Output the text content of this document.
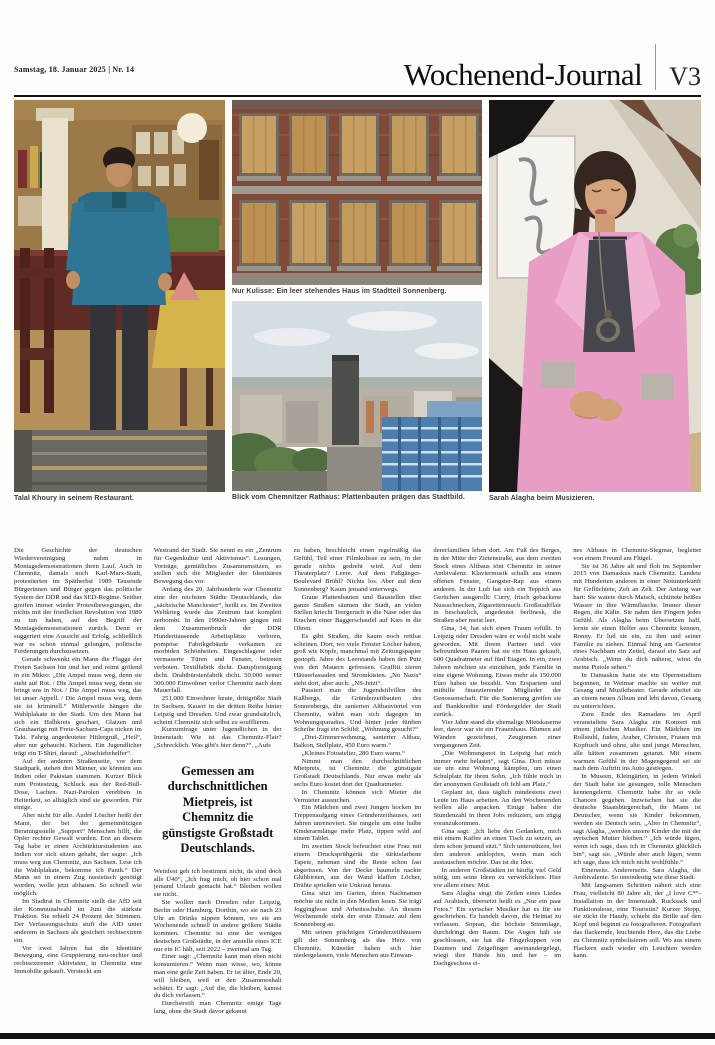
Samstag, 18. Januar 2025 | Nr. 14	Wochenend-Journal V3
Talal Khoury in seinem Restaurant.
Nur Kulisse: Ein leer stehendes Haus im Stadtteil Sonnenberg.
Blick vom Chemnitzer Rathaus: Plattenbauten prägen das Stadtbild.	Sarah Alagha beim Musizieren.

Die Geschichte der deutschen Wiedervereinigung nahm in Montagsdemonstrationen ihren Lauf. Auch in Chemnitz, damals noch Karl-Marx-Stadt, protestierten im Spätherbst 1989 Tausende Bürgerinnen und Bürger gegen das politische System der DDR und das SED-Regime. Seither greifen immer wieder Protestbewegungen, die nichts mit der friedlichen Revolution von 1989 zu tun haben, auf den Begriff der Montagsdemonstrationen zurück. Denn er suggeriert eine Aussicht auf Erfolg, schließlich war es schon einmal gelungen, politische Forderungen durchzusetzen.

Gerade schwenkt ein Mann die Flagge der Freien Sachsen hin und her und reimt grölend in ein Mikro: „Die Ampel muss weg, denn sie steht auf Rot. / Die Ampel muss weg, denn sie bringt uns in Not. / Die Ampel muss weg, das ist unser Appell. / Die Ampel muss weg, denn sie ist kriminell.“ Mittlerweile hängen die Wahlplakate in der Stadt. Um den Mann hat sich ein Halbkreis geschart, Glatzen und Grauhaarige mit Freie-Sachsen-Caps nicken im Takt. Fahrig angedeuteter Hitlergruß, „Heil“, aber nur gehaucht. Kichern. Ein Jugendlicher trägt ein T-Shirt, darauf: „Abschiebehelfer“.

Auf der anderen Straßenseite, vor dem Stadtpark, stehen drei Männer, sie könnten aus Indien oder Pakistan stammen. Kurzer Blick zum Protestzug, Schluck aus der Red-Bull-Dose, Lachen. Nazi-Parolen verebben in Heiterkeit, so alltäglich sind sie geworden. Für einige.

Aber nicht für alle. André Löscher heißt der Mann, der bei der gemeinnützigen Beratungsstelle „Support“ Menschen hilft, die Opfer rechter Gewalt wurden. Erst an diesem Tag habe er einen Architekturstudenten aus Indien vor sich sitzen gehabt, der sagte: „Ich muss weg aus Chemnitz, aus Sachsen. Lese ich die Wahlplakate, bekomme ich Panik.“ Der Mann sei in einem Zug rassistisch genötigt worden, wolle jetzt abhauen. So schnell wie möglich.

Im Stadtrat in Chemnitz stellt die AfD seit der Kommunalwahl im Juni die stärkste Fraktion. Sie erhielt 24 Prozent der Stimmen. Der Verfassungsschutz stuft die AfD unter anderem in Sachsen als gesichert rechtsextrem ein.

Vor zwei Jahren hat die Identitäre Bewegung, eine Gruppierung neu-rechter und rechtsextremer Aktivisten, in Chemnitz eine Immobilie gekauft. Versteckt am

Westrand der Stadt. Sie nennt es ein „Zentrum für Gegenkultur und Aktivismus“. Lesungen, Vorträge, gemütliches Zusammensitzen, so stellen sich die Mitglieder der Identitären Bewegung das vor.

Anfang des 20. Jahrhunderts war Chemnitz eine der reichsten Städte Deutschlands, das „sächsische Manchester“, heißt es. Im Zweiten Weltkrieg wurde das Zentrum fast komplett zerbombt. In den 1990er-Jahren gingen mit dem Zusammenbruch der DDR Hunderttausende Arbeitsplätze verloren, pompöse Fabrikgebäude verkamen zu morbiden Schönheiten. Eingeschlagene oder vermauerte Türen und Fenster, betreten verboten. Textilfabrik dicht. Dampfreinigung dicht. Drahtbürstenfabrik dicht. 50.000 seiner 300.000 Einwohner verlor Chemnitz nach dem Mauerfall.

251.000 Einwohner heute, drittgrößte Stadt in Sachsen. Kauert in der dritten Reihe hinter Leipzig und Dresden. Und zwar grundsätzlich, scheint Chemnitz sich selbst zu soufflieren.

Kurzumfrage unter Jugendlichen in der Innenstadt: Wie ist das Chemnitz-Flair? „Schrecklich. Was gibt's hier denn?“, „Aufs

Gemessen am durchschnittlichen Mietpreis, ist Chemnitz die günstigste Großstadt Deutschlands.

Weinfest geh ich bestimmt nicht, da sind doch alle Ü40“, „Ich frag mich, ob hier schon mal jemand Urlaub gemacht hat.“ Bleiben wollen sie nicht.

Sie wollen nach Dresden oder Leipzig, Berlin oder Hamburg. Dorthin, wo sie nach 23 Uhr an Drinks nippen können, wo sie am Wochenende schnell in andere größere Städte kommen. Chemnitz ist eine der wenigen deutschen Großstädte, in der anstelle eines ICE nur ein IC hält, seit 2022 – zweimal am Tag.

Einer sagt: „Chemnitz kann man eben nicht konsumieren.“ Wenn man wisse, wo, könne man eine geile Zeit haben. Er ist älter, Ende 20, will bleiben, weil er den Zusammenhalt schätzt. Er sagt: „Auf die, die bleiben, kannst du dich verlassen.“

Durchstreift man Chemnitz einige Tage lang, ohne die Stadt davor gekannt

zu haben, beschleicht einen regelmäßig das Gefühl, Teil einer Filmkulisse zu sein, in der gerade nichts gedreht wird. Auf dem Theaterplatz? Leere. Auf dem Fußgänger-Boulevard Brühl? Nichts los. Aber auf dem Sonnenberg? Kaum jemand unterwegs.

Graue Plattenbauten und Baustellen über ganze Straßen säumen die Stadt, an vielen Stellen kriecht Teergeruch in die Nase oder das Krachen einer Baggerschaufel auf Kies in die Ohren.

Es gibt Straßen, die kaum noch rettbar scheinen. Dort, wo viele Fenster Löcher haben, groß wie Köpfe, manchmal mit Zeitungspapier gestopft. Jahre des Leerstands haben den Putz von den Mauern gefressen. Graffiti zieren Häuserfassaden und Stromkästen. „No Nazis“ steht dort, aber auch: „NS-Jetzt“.

Passiert man die Jugendstilvillen des Kaßbergs, die Gründerzeitbauten des Sonnenbergs, die sanierten Altbauviertel von Chemnitz, wähnt man sich dagegen im Wohnungsparadies. Und hinter jeder fünften Scheibe fragt ein Schild: „Wohnung gesucht?“

„Drei-Zimmerwohnung, sanierter Altbau, Balkon, Stellplatz, 450 Euro warm.“

„Kleines Fotoatelier, 280 Euro warm.“

Nimmt man den durchschnittlichen Mietpreis, ist Chemnitz die günstigste Großstadt Deutschlands. Nur etwas mehr als sechs Euro kostet dort der Quadratmeter.

In Chemnitz können sich Mieter die Vermieter aussuchen.

Ein Mädchen und zwei Jungen hocken im Treppenaufgang eines Gründerzeithauses, seit Jahren unrenoviert. Sie rangeln um eine halbe Kinderarmlänge mehr Platz, tippen wild auf einem Tablet.

Im zweiten Stock befeuchtet eine Frau mit einem Drucksprühgerät die türkisfarbene Tapete, nebenan sind die Reste schon fast abgerissen. Von der Decke baumeln nackte Glühbirnen, aus der Wand klaffen Löcher, Drähte sprießen wie Unkraut heraus.

Gina sitzt im Garten, ihren Nachnamen möchte sie nicht in den Medien lesen. Sie trägt Jogginghose und Arbeitsschuhe. An diesem Wochenende steht der erste Einsatz auf dem Sonnenberg an.

Mit seinen prächtigen Gründerzeithäusern gilt der Sonnenberg als das Herz von Chemnitz. Künstler haben sich hier niedergelassen, viele Menschen aus Einwan-

dererfamilien leben dort. Am Fuß des Berges, in der Mitte der Zietenstraße, aus dem zweiten Stock eines Altbaus tönt Chemnitz in seiner Ambivalenz. Klaviermusik schallt aus einem offenen Fenster, Gangster-Rap aus einem anderen. In der Luft hat sich ein Teppich aus Gerüchen ausgerollt: Curry, frisch gebackene Nussschnecken, Zigarettenrauch. Großstadtflair in beschaulich, angedeutet berlinesk, die Straßen aber meist leer.

Gina, 34, hat sich einen Traum erfüllt. In Leipzig oder Dresden wäre er wohl nicht wahr geworden. Mit ihrem Partner und vier befreundeten Paaren hat sie ein Haus gekauft, 600 Quadratmeter auf fünf Etagen. In ein, zwei Jahren möchten sie einziehen, jede Familie in eine eigene Wohnung. Etwas mehr als 150.000 Euro haben sie bezahlt. Von Erspartem und mithilfe finanzierender Mitglieder der Genossenschaft. Für die Sanierung greifen sie auf Bankkredite und Fördergelder der Stadt zurück.

Vier Jahre stand die ehemalige Mietskaserne leer, davor war sie ein Frauenhaus. Blumen auf Wänden gezeichnet, Zeuginnen einer vergangenen Zeit.

„Die Wohnungsnot in Leipzig hat mich immer mehr belastet“, sagt Gina. Dort müsse sie um eine Wohnung kämpfen, um einen Schulplatz für ihren Sohn. „Ich fühle mich in der anonymen Großstadt oft fehl am Platz.“

Geplant ist, dass täglich mindestens zwei Leute im Haus arbeiten. An den Wochenenden wollen alle anpacken. Einige haben die Stundenzahl in ihren Jobs reduziert, um zügig voranzukommen.

Gina sagt: „Ich liebe den Gedanken, mich mit einem Kaffee an einen Tisch zu setzen, an dem schon jemand sitzt.“ Sich unterstützen, bei den anderen anklopfen, wenn man sich austauschen möchte. Das ist die Idee.

In anderen Großstädten ist häufig viel Geld nötig, um seine Ideen zu verwirklichen. Hier vor allem eines: Mut.

Sara Alagha singt die Zeilen eines Liedes auf Arabisch, übersetzt heißt es „Nur ein paar Fotos.“ Ein syrischer Musiker hat es für sie geschrieben. Es handelt davon, die Heimat zu verlassen. Sopran, die höchste Stimmlage, durchdringt den Raum. Die Augen hält sie geschlossen, sie hat die Fingerkuppen von Daumen und Zeigefinger aneinandergelegt, wiegt ihre Hände hin und her – im Dachgeschoss ei-

nes Altbaus in Chemnitz-Siegmar, begleitet von einem Freund am Flügel.

Sie ist 36 Jahre alt und floh im September 2015 von Damaskus nach Chemnitz. Landete mit Hunderten anderen in einer Notunterkunft für Geflüchtete, Zelt an Zelt. Der Anfang war hart: Sie watete durch Matsch, schüttete heißes Wasser in ihre Wärmflasche. Immer dieser Regen, die Kälte. Sie nahm den Fingern jedes Gefühl. Als Alagha beim Übersetzen half, lernte sie einen Helfer aus Chemnitz kennen, Ronny. Er lud sie ein, zu ihm und seiner Familie zu ziehen. Einmal hing am Gartentor eines Nachbarn ein Zettel, darauf ein Satz auf Arabisch. „Wenn du dich näherst, wirst du meine Pistole sehen.“

In Damaskus hatte sie ein Opernstudium begonnen, in Weimar machte sie weiter mit Gesang und Musiktheater. Gerade arbeitet sie an einem neuen Album und lebt davon, Gesang zu unterrichten.

Zum Ende des Ramadans im April veranstaltete Sara Alagha ein Konzert mit einem jüdischen Musiker. Ein Mädchen im Rollstuhl, Juden, Araber, Christen, Frauen mit Kopftuch und ohne, alte und junge Menschen, alle hätten zusammen getanzt. Mit einem warmen Gefühl in der Magengegend sei sie nach dem Auftritt ins Auto gestiegen.

In Museen, Kleingärten, in jedem Winkel der Stadt habe sie gesungen, tolle Menschen kennengelernt. Chemnitz habe ihr so viele Chancen gegeben. Inzwischen hat sie die deutsche Staatsbürgerschaft, ihr Mann ist Deutscher, wenn sie Kinder bekommen, werden sie Deutsch sein. „Aber in Chemnitz“, sagt Alagha, „werden unsere Kinder die mit der syrischen Mutter bleiben.“ „Ich würde lügen, wenn ich sage, dass ich in Chemnitz glücklich bin“, sagt sie. „Würde aber auch lügen, wenn ich sage, dass ich mich nicht wohlfühle.“

Einerseits. Andererseits. Sara Alagha, die Ambivalente. So uneindeutig wie diese Stadt.

Mit langsamen Schritten nähert sich eine Frau, vielleicht 80 Jahre alt, der „I love C*“-Installation in der Innenstadt. Rucksack und Funktionshose, eine Touristin? Kurzer Stopp, sie zückt ihr Handy, schiebt die Brille auf den Kopf und beginnt zu fotografieren. Fotografiert das flackernde, leuchtende Herz, das die Liebe zu Chemnitz symbolisieren soll. Wo aus einem Flackern auch wieder ein Leuchten werden kann.
